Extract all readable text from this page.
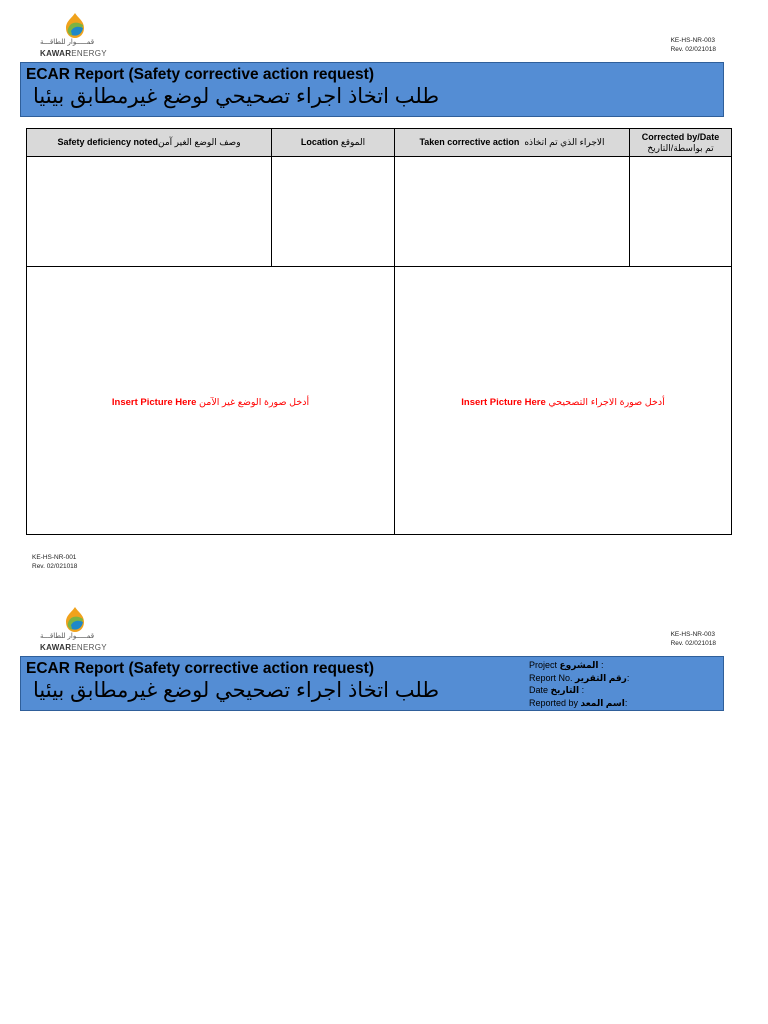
قمـــــوار للطاقـــة
KAWARENERGY
KE-HS-NR-003
Rev. 02/021018
ECAR Report (Safety corrective action request)
طلب اتخاذ اجراء تصحيحي لوضع غيرمطابق بيئيا
Safety deficiency notedوصف الوضع الغير آمن	Location الموقع	Taken corrective action الاجراء الذي تم اتخاذه	Corrected by/Date
تم بواسطة/التاريخ

Insert Picture Here أدخل صورة الوضع غير الآمن		Insert Picture Here أدخل صورة الاجراء التصحيحي	
KE-HS-NR-001
Rev. 02/021018
قمـــــوار للطاقـــة
KAWARENERGY
KE-HS-NR-003
Rev. 02/021018
ECAR Report (Safety corrective action request)
طلب اتخاذ اجراء تصحيحي لوضع غيرمطابق بيئيا
Project المشروع :
Report No. رقم التقرير:
Date التاريخ :
Reported by اسم المعد:
